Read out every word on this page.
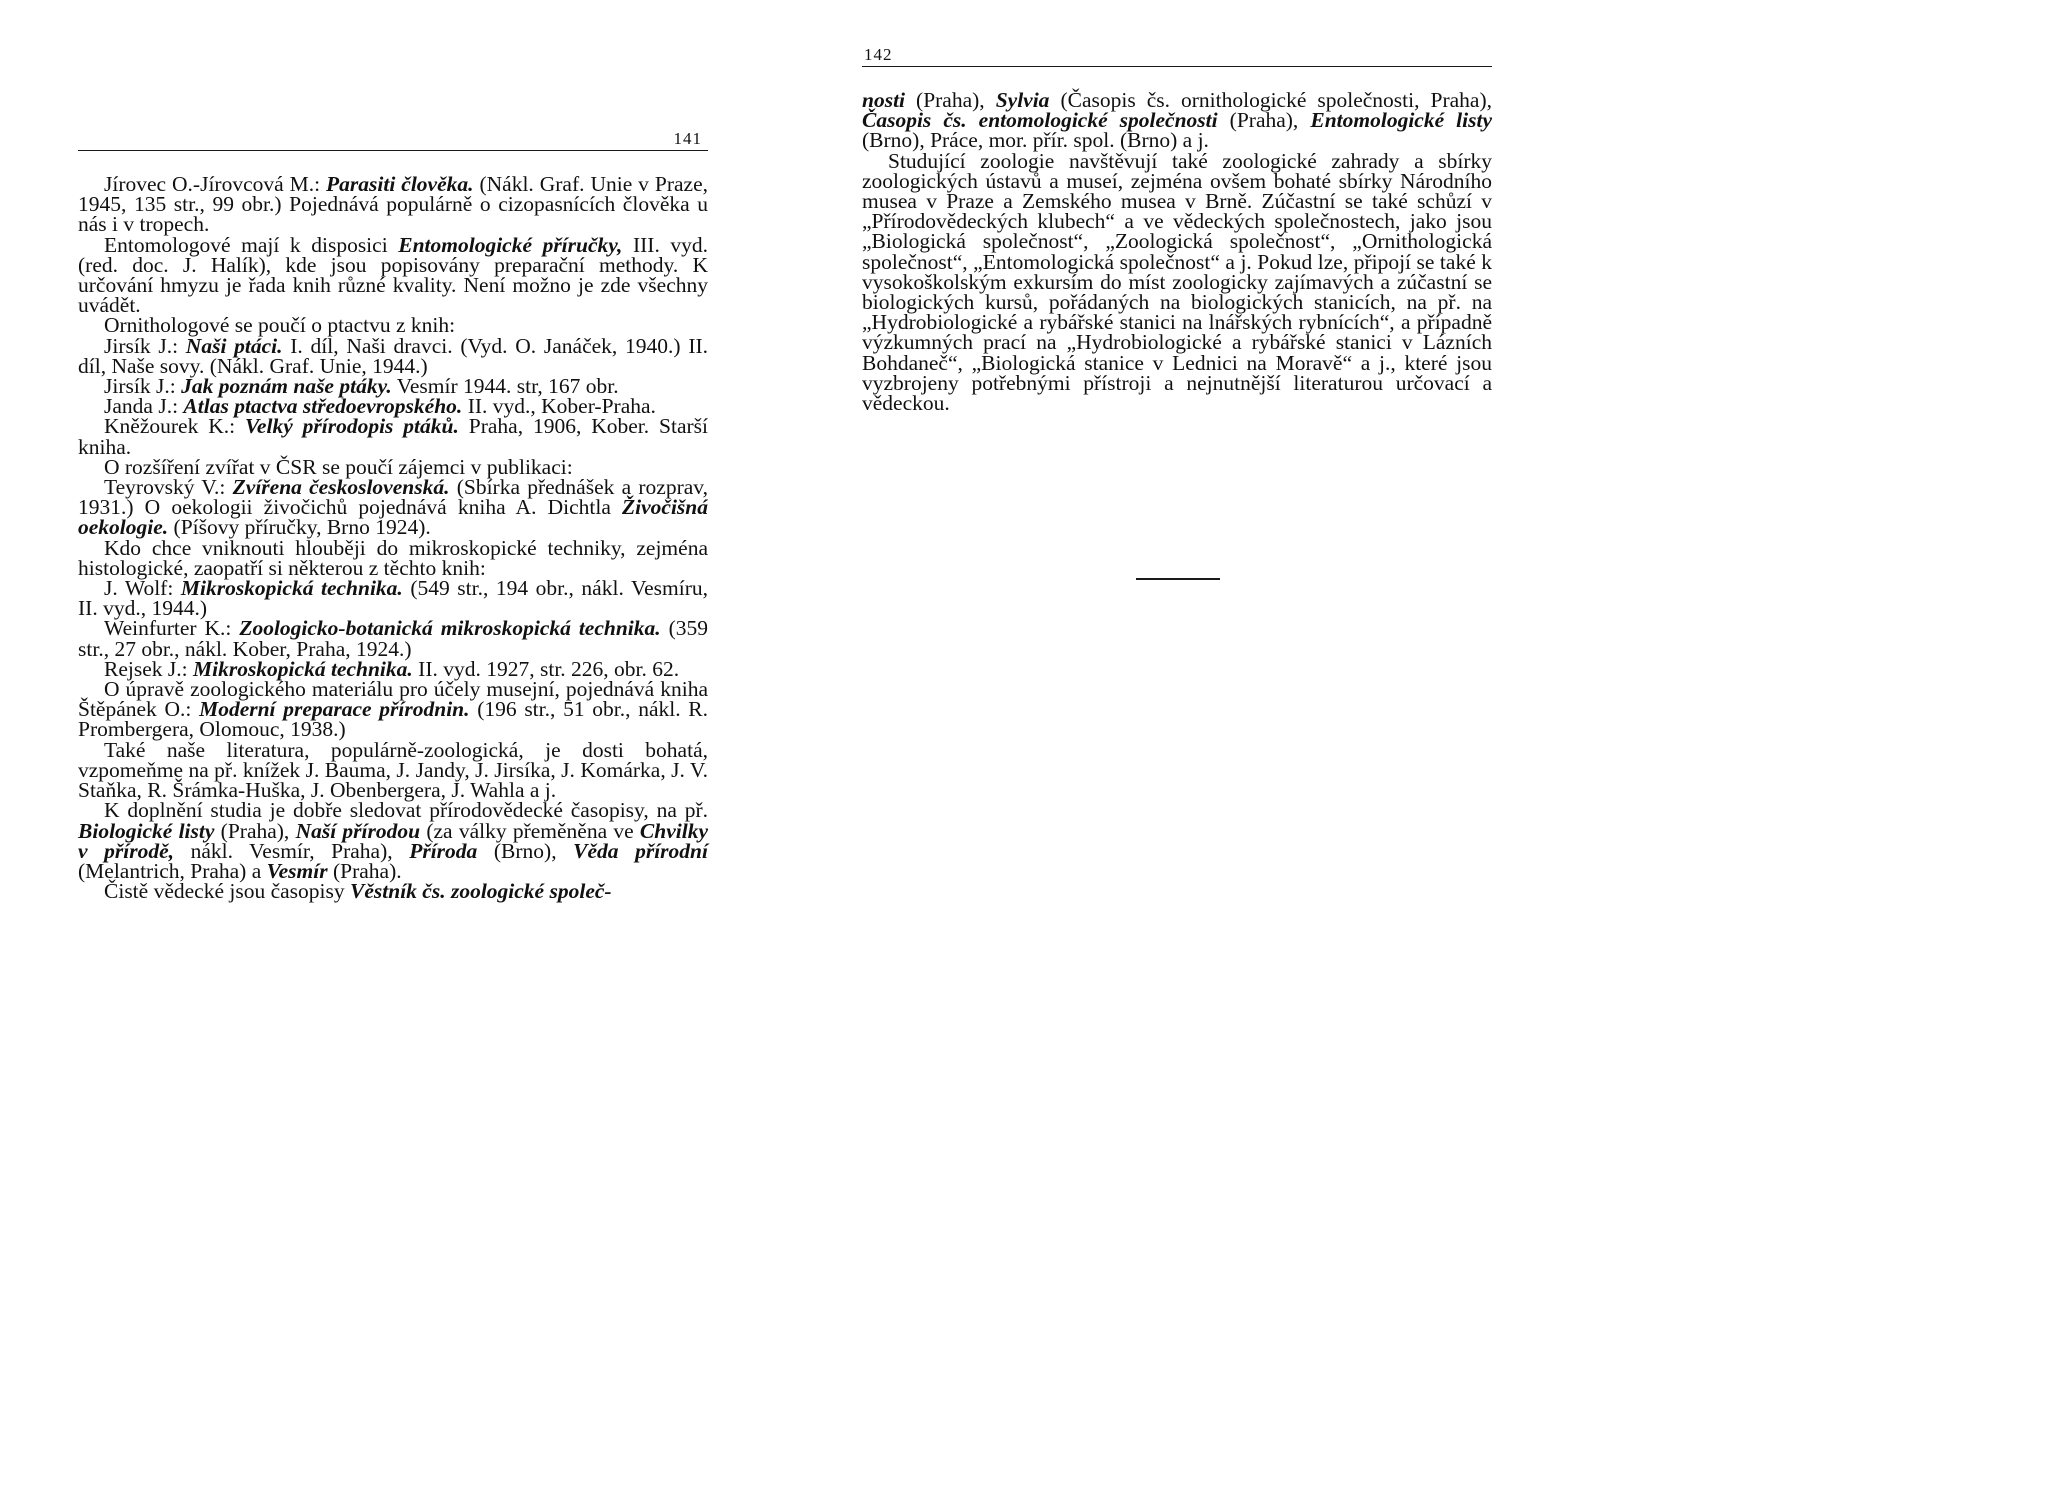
141

Jírovec O.-Jírovcová M.: Parasiti člověka. (Nákl. Graf. Unie v Praze, 1945, 135 str., 99 obr.) Pojednává populárně o cizopasnících člověka u nás i v tropech.

Entomologové mají k disposici Entomologické příručky, III. vyd. (red. doc. J. Halík), kde jsou popisovány preparační methody. K určování hmyzu je řada knih různé kvality. Není možno je zde všechny uvádět.

Ornithologové se poučí o ptactvu z knih:

Jirsík J.: Naši ptáci. I. díl, Naši dravci. (Vyd. O. Janáček, 1940.) II. díl, Naše sovy. (Nákl. Graf. Unie, 1944.)

Jirsík J.: Jak poznám naše ptáky. Vesmír 1944. str, 167 obr.

Janda J.: Atlas ptactva středoevropského. II. vyd., Kober-Praha.

Kněžourek K.: Velký přírodopis ptáků. Praha, 1906, Kober. Starší kniha.

O rozšíření zvířat v ČSR se poučí zájemci v publikaci:

Teyrovský V.: Zvířena československá. (Sbírka přednášek a rozprav, 1931.) O oekologii živočichů pojednává kniha A. Dichtla Živočišná oekologie. (Píšovy příručky, Brno 1924).

Kdo chce vniknouti hlouběji do mikroskopické techniky, zejména histologické, zaopatří si některou z těchto knih:

J. Wolf: Mikroskopická technika. (549 str., 194 obr., nákl. Vesmíru, II. vyd., 1944.)

Weinfurter K.: Zoologicko-botanická mikroskopická technika. (359 str., 27 obr., nákl. Kober, Praha, 1924.)

Rejsek J.: Mikroskopická technika. II. vyd. 1927, str. 226, obr. 62.

O úpravě zoologického materiálu pro účely musejní, pojednává kniha Štěpánek O.: Moderní preparace přírodnin. (196 str., 51 obr., nákl. R. Prombergera, Olomouc, 1938.)

Také naše literatura, populárně-zoologická, je dosti bohatá, vzpomeňme na př. knížek J. Bauma, J. Jandy, J. Jirsíka, J. Komárka, J. V. Staňka, R. Šrámka-Huška, J. Obenbergera, J. Wahla a j.

K doplnění studia je dobře sledovat přírodovědecké časopisy, na př. Biologické listy (Praha), Naší přírodou (za války přeměněna ve Chvilky v přírodě, nákl. Vesmír, Praha), Příroda (Brno), Věda přírodní (Melantrich, Praha) a Vesmír (Praha).

Čistě vědecké jsou časopisy Věstník čs. zoologické společ-

142

nosti (Praha), Sylvia (Časopis čs. ornithologické společnosti, Praha), Časopis čs. entomologické společnosti (Praha), Entomologické listy (Brno), Práce, mor. přír. spol. (Brno) a j.

Studující zoologie navštěvují také zoologické zahrady a sbírky zoologických ústavů a museí, zejména ovšem bohaté sbírky Národního musea v Praze a Zemského musea v Brně. Zúčastní se také schůzí v „Přírodovědeckých klubech“ a ve vědeckých společnostech, jako jsou „Biologická společnost“, „Zoologická společnost“, „Ornithologická společnost“, „Entomologická společnost“ a j. Pokud lze, připojí se také k vysokoškolským exkursím do míst zoologicky zajímavých a zúčastní se biologických kursů, pořádaných na biologických stanicích, na př. na „Hydrobiologické a rybářské stanici na lnářských rybnících“, a případně výzkumných prací na „Hydrobiologické a rybářské stanici v Lázních Bohdaneč“, „Biologická stanice v Lednici na Moravě“ a j., které jsou vyzbrojeny potřebnými přístroji a nejnutnější literaturou určovací a vědeckou.
